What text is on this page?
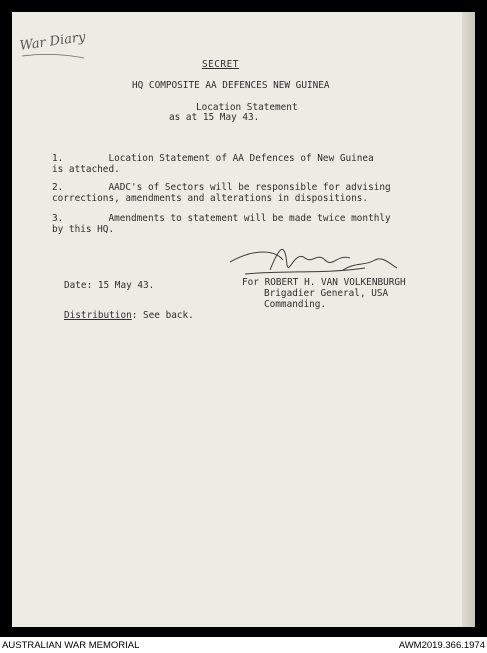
War Diary
SECRET
HQ COMPOSITE AA DEFENCES NEW GUINEA
Location Statement
as at 15 May 43.
1.        Location Statement of AA Defences of New Guinea
is attached.
2.        AADC's of Sectors will be responsible for advising
corrections, amendments and alterations in dispositions.
3.        Amendments to statement will be made twice monthly
by this HQ.
Date: 15 May 43.	For ROBERT H. VAN VOLKENBURGH
Brigadier General, USA
Commanding.
Distribution: See back.
AUSTRALIAN WAR MEMORIAL	AWM2019.366.1974
